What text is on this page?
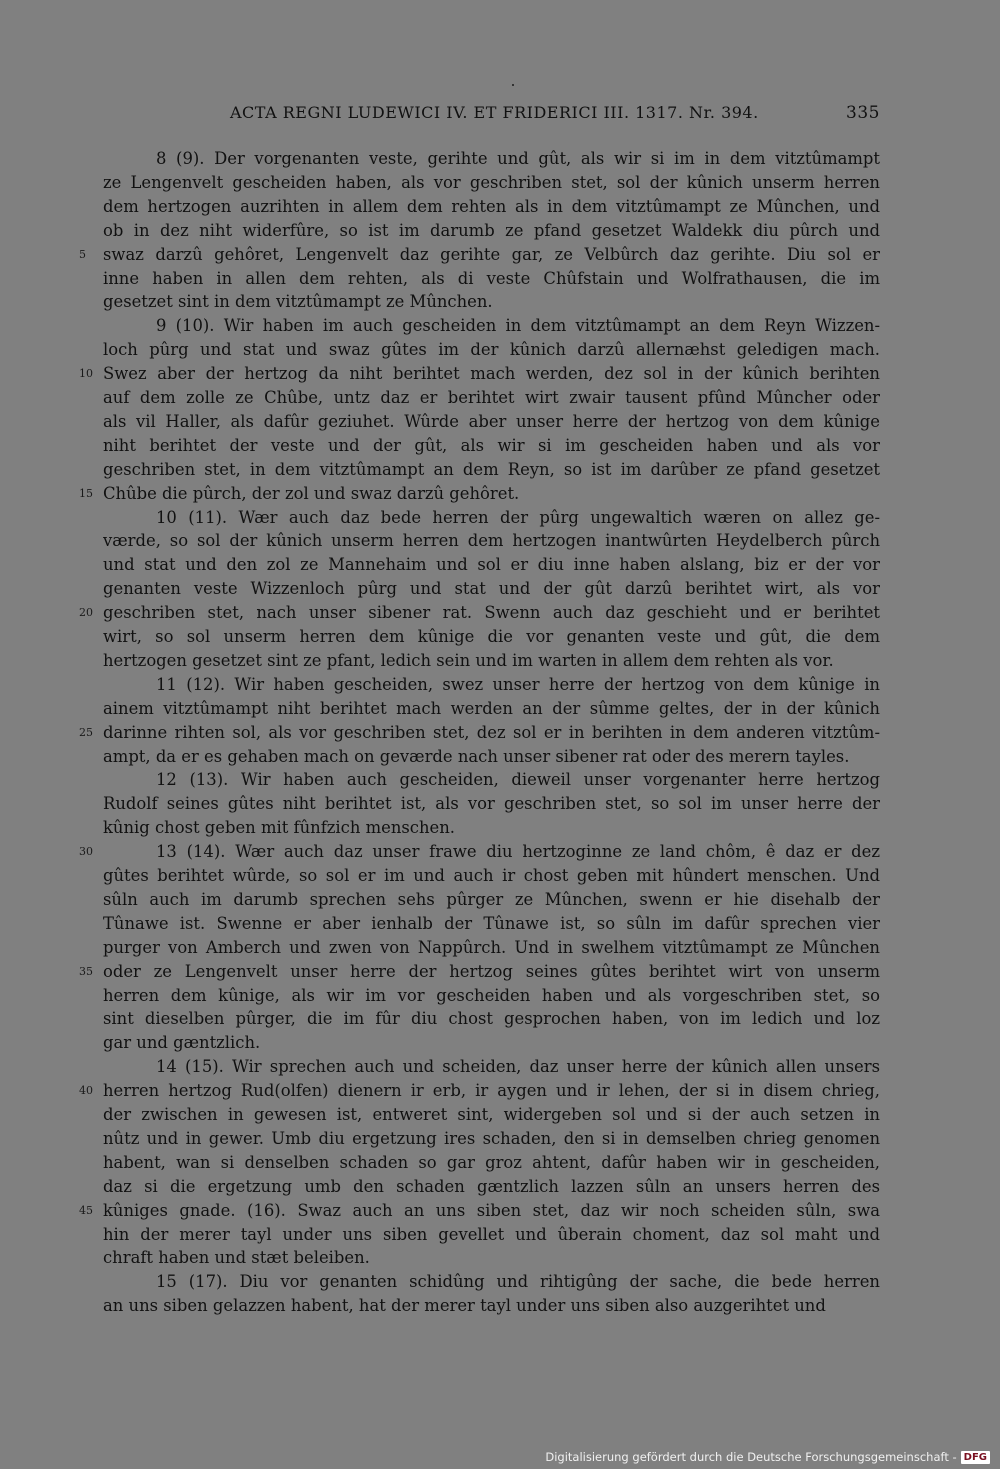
ACTA REGNI LUDEWICI IV. ET FRIDERICI III. 1317. Nr. 394.	335
8 (9). Der vorgenanten veste, gerihte und gût, als wir si im in dem vitztûmampt
ze Lengenvelt gescheiden haben, als vor geschriben stet, sol der kûnich unserm herren
dem hertzogen auzrihten in allem dem rehten als in dem vitztûmampt ze Mûnchen, und
ob in dez niht widerfûre, so ist im darumb ze pfand gesetzet Waldekk diu pûrch und
swaz darzû gehôret, Lengenvelt daz gerihte gar, ze Velbûrch daz gerihte. Diu sol er
inne haben in allen dem rehten, als di veste Chûfstain und Wolfrathausen, die im
gesetzet sint in dem vitztûmampt ze Mûnchen.
9 (10). Wir haben im auch gescheiden in dem vitztûmampt an dem Reyn Wizzen-
loch pûrg und stat und swaz gûtes im der kûnich darzû allernæhst geledigen mach.
Swez aber der hertzog da niht berihtet mach werden, dez sol in der kûnich berihten
auf dem zolle ze Chûbe, untz daz er berihtet wirt zwair tausent pfûnd Mûncher oder
als vil Haller, als dafûr geziuhet. Wûrde aber unser herre der hertzog von dem kûnige
niht berihtet der veste und der gût, als wir si im gescheiden haben und als vor
geschriben stet, in dem vitztûmampt an dem Reyn, so ist im darûber ze pfand gesetzet
Chûbe die pûrch, der zol und swaz darzû gehôret.
10 (11). Wær auch daz bede herren der pûrg ungewaltich wæren on allez ge-
værde, so sol der kûnich unserm herren dem hertzogen inantwûrten Heydelberch pûrch
und stat und den zol ze Mannehaim und sol er diu inne haben alslang, biz er der vor
genanten veste Wizzenloch pûrg und stat und der gût darzû berihtet wirt, als vor
geschriben stet, nach unser sibener rat. Swenn auch daz geschieht und er berihtet
wirt, so sol unserm herren dem kûnige die vor genanten veste und gût, die dem
hertzogen gesetzet sint ze pfant, ledich sein und im warten in allem dem rehten als vor.
11 (12). Wir haben gescheiden, swez unser herre der hertzog von dem kûnige in
ainem vitztûmampt niht berihtet mach werden an der sûmme geltes, der in der kûnich
darinne rihten sol, als vor geschriben stet, dez sol er in berihten in dem anderen vitztûm-
ampt, da er es gehaben mach on geværde nach unser sibener rat oder des merern tayles.
12 (13). Wir haben auch gescheiden, dieweil unser vorgenanter herre hertzog
Rudolf seines gûtes niht berihtet ist, als vor geschriben stet, so sol im unser herre der
kûnig chost geben mit fûnfzich menschen.
13 (14). Wær auch daz unser frawe diu hertzoginne ze land chôm, ê daz er dez
gûtes berihtet wûrde, so sol er im und auch ir chost geben mit hûndert menschen. Und
sûln auch im darumb sprechen sehs pûrger ze Mûnchen, swenn er hie disehalb der
Tûnawe ist. Swenne er aber ienhalb der Tûnawe ist, so sûln im dafûr sprechen vier
purger von Amberch und zwen von Nappûrch. Und in swelhem vitztûmampt ze Mûnchen
oder ze Lengenvelt unser herre der hertzog seines gûtes berihtet wirt von unserm
herren dem kûnige, als wir im vor gescheiden haben und als vorgeschriben stet, so
sint dieselben pûrger, die im fûr diu chost gesprochen haben, von im ledich und loz
gar und gæntzlich.
14 (15). Wir sprechen auch und scheiden, daz unser herre der kûnich allen unsers
herren hertzog Rud(olfen) dienern ir erb, ir aygen und ir lehen, der si in disem chrieg,
der zwischen in gewesen ist, entweret sint, widergeben sol und si der auch setzen in
nûtz und in gewer. Umb diu ergetzung ires schaden, den si in demselben chrieg genomen
habent, wan si denselben schaden so gar groz ahtent, dafûr haben wir in gescheiden,
daz si die ergetzung umb den schaden gæntzlich lazzen sûln an unsers herren des
kûniges gnade. (16). Swaz auch an uns siben stet, daz wir noch scheiden sûln, swa
hin der merer tayl under uns siben gevellet und ûberain choment, daz sol maht und
chraft haben und stæt beleiben.
15 (17). Diu vor genanten schidûng und rihtigûng der sache, die bede herren
an uns siben gelazzen habent, hat der merer tayl under uns siben also auzgerihtet und
5
10
15
20
25
30
35
40
45
Digitalisierung gefördert durch die Deutsche Forschungsgemeinschaft - DFG
